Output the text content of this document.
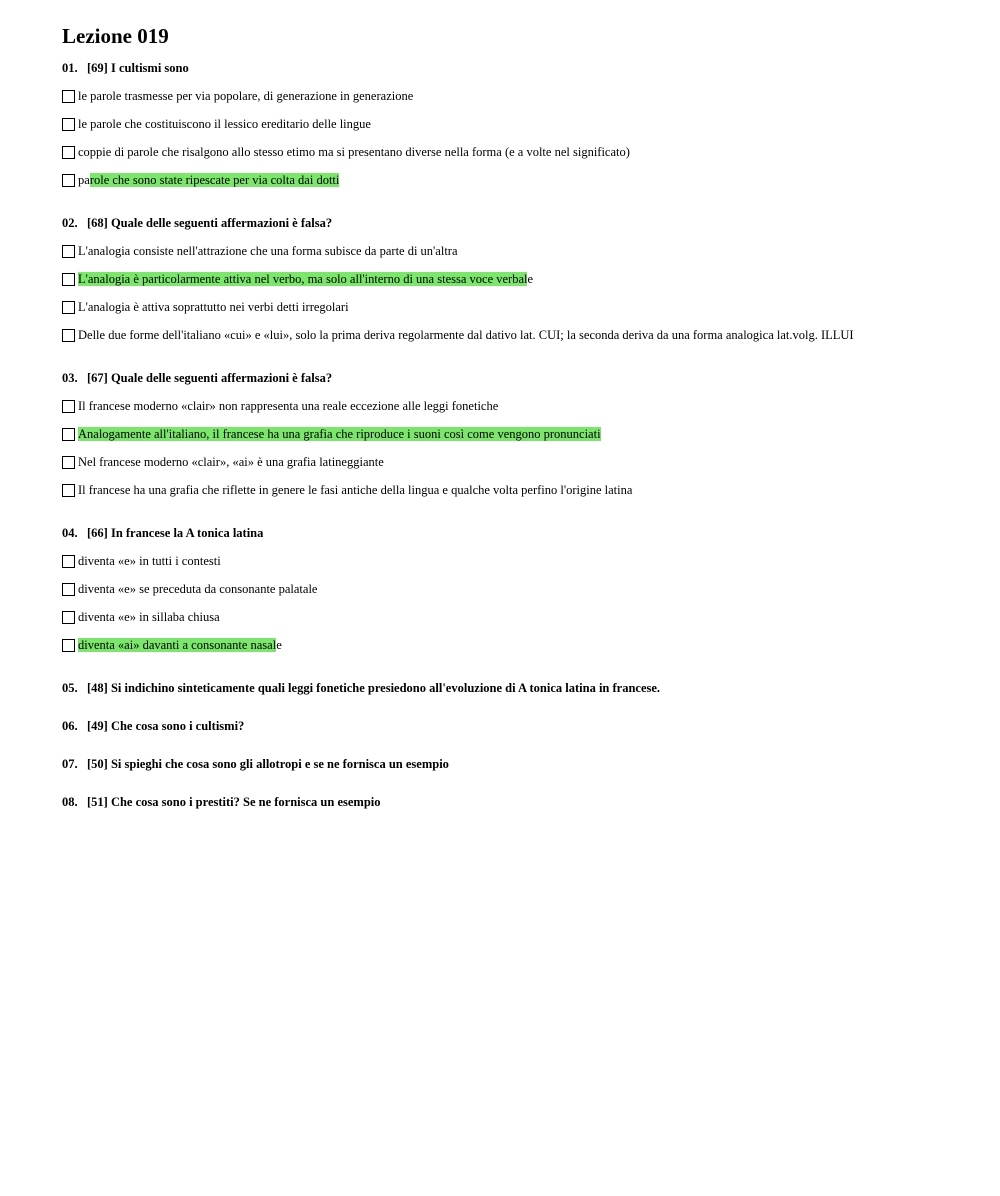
Lezione 019
01. [69] I cultismi sono
le parole trasmesse per via popolare, di generazione in generazione
le parole che costituiscono il lessico ereditario delle lingue
coppie di parole che risalgono allo stesso etimo ma si presentano diverse nella forma (e a volte nel significato)
parole che sono state ripescate per via colta dai dotti
02. [68] Quale delle seguenti affermazioni è falsa?
L'analogia consiste nell'attrazione che una forma subisce da parte di un'altra
L'analogia è particolarmente attiva nel verbo, ma solo all'interno di una stessa voce verbale
L'analogia è attiva soprattutto nei verbi detti irregolari
Delle due forme dell'italiano «cui» e «lui», solo la prima deriva regolarmente dal dativo lat. CUI; la seconda deriva da una forma analogica lat.volg. ILLUI
03. [67] Quale delle seguenti affermazioni è falsa?
Il francese moderno «clair» non rappresenta una reale eccezione alle leggi fonetiche
Analogamente all'italiano, il francese ha una grafia che riproduce i suoni così come vengono pronunciati
Nel francese moderno «clair», «ai» è una grafia latineggiante
Il francese ha una grafia che riflette in genere le fasi antiche della lingua e qualche volta perfino l'origine latina
04. [66] In francese la A tonica latina
diventa «e» in tutti i contesti
diventa «e» se preceduta da consonante palatale
diventa «e» in sillaba chiusa
diventa «ai» davanti a consonante nasale
05. [48] Si indichino sinteticamente quali leggi fonetiche presiedono all'evoluzione di A tonica latina in francese.
06. [49] Che cosa sono i cultismi?
07. [50] Si spieghi che cosa sono gli allotropi e se ne fornisca un esempio
08. [51] Che cosa sono i prestiti? Se ne fornisca un esempio
